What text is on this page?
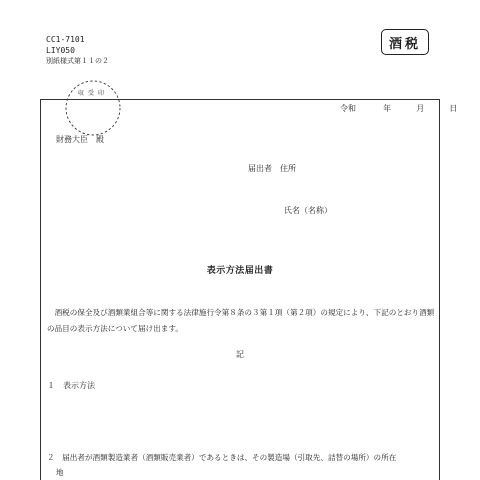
CC1-7101
LIY050
別紙様式第１１の２
酒税
収受印
令和	年	月	日
財務大臣　殿
届出者　住所
氏名（名称）
表示方法届出書
　酒税の保全及び酒類業組合等に関する法律施行令第８条の３第１項（第２項）の規定により、下記のとおり酒類の品目の表示方法について届け出ます。
記
１　表示方法
２　届出者が酒類製造業者（酒類販売業者）であるときは、その製造場（引取先、詰替の場所）の所在
地
